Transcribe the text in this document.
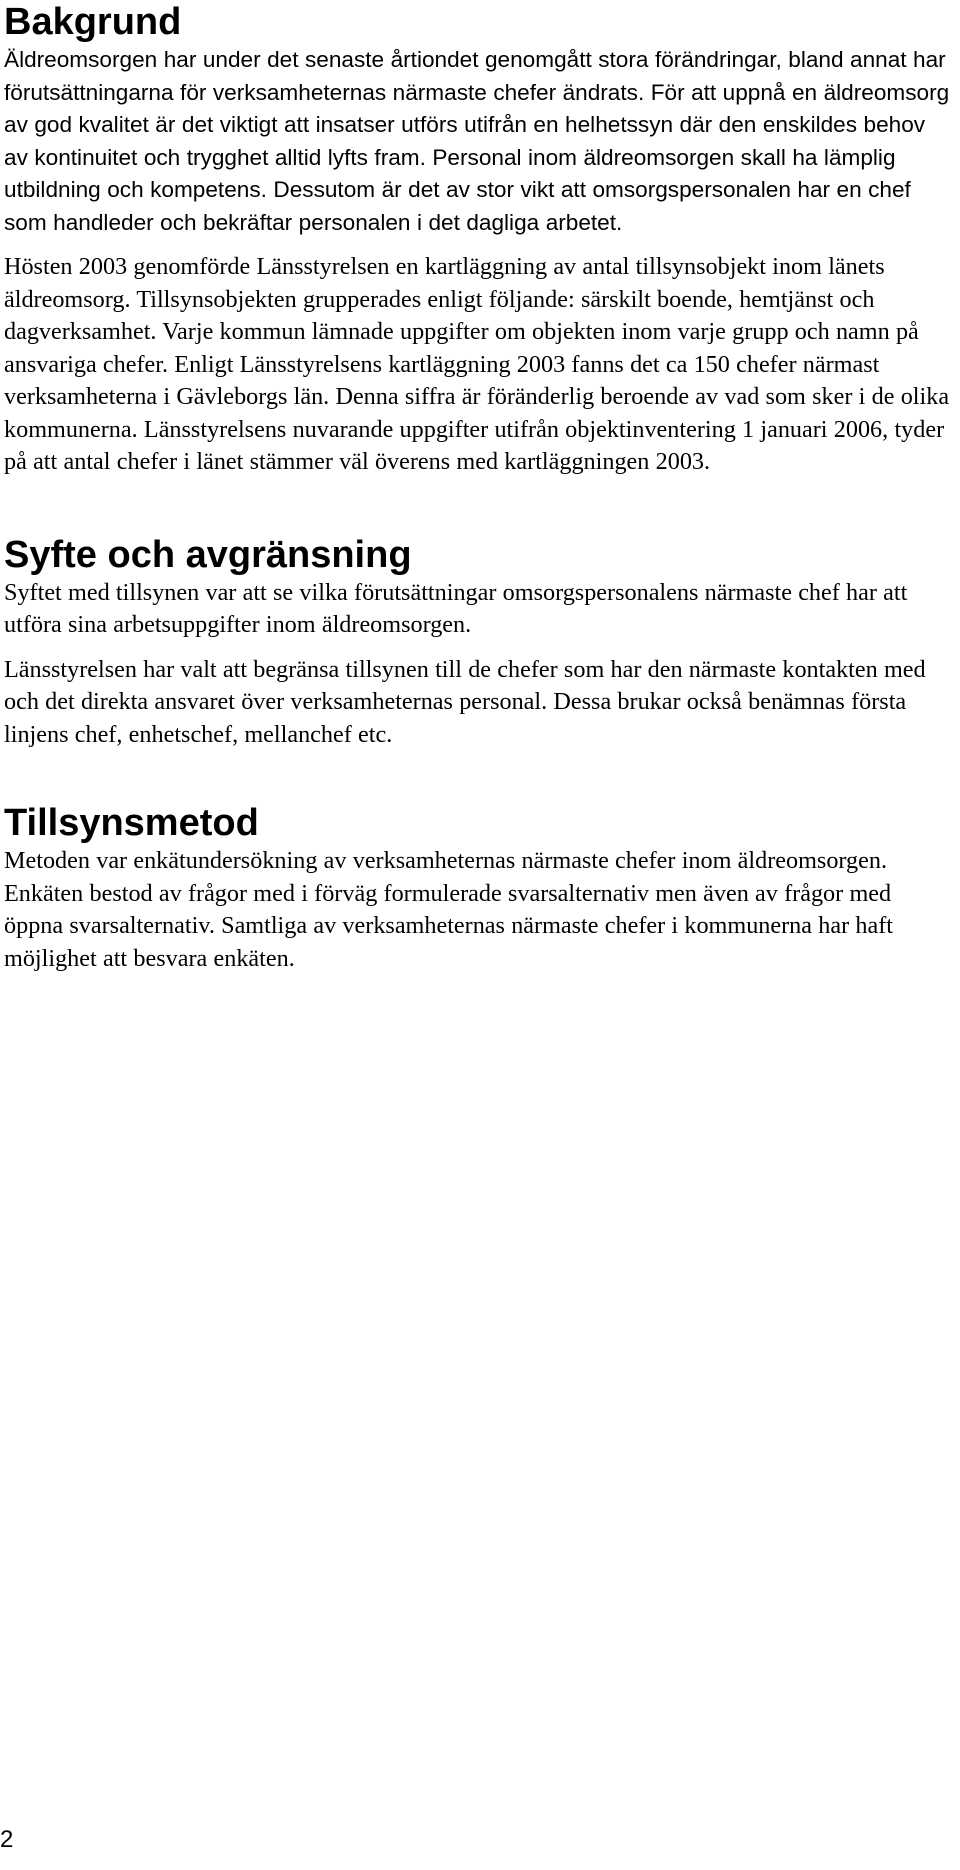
Bakgrund

Äldreomsorgen har under det senaste årtiondet genomgått stora förändringar, bland annat har förutsättningarna för verksamheternas närmaste chefer ändrats. För att uppnå en äldreomsorg av god kvalitet är det viktigt att insatser utförs utifrån en helhetssyn där den enskildes behov av kontinuitet och trygghet alltid lyfts fram. Personal inom äldreomsorgen skall ha lämplig utbildning och kompetens. Dessutom är det av stor vikt att omsorgspersonalen har en chef som handleder och bekräftar personalen i det dagliga arbetet.

Hösten 2003 genomförde Länsstyrelsen en kartläggning av antal tillsynsobjekt inom länets äldreomsorg. Tillsynsobjekten grupperades enligt följande: särskilt boende, hemtjänst och dagverksamhet. Varje kommun lämnade uppgifter om objekten inom varje grupp och namn på ansvariga chefer. Enligt Länsstyrelsens kartläggning 2003 fanns det ca 150 chefer närmast verksamheterna i Gävleborgs län. Denna siffra är föränderlig beroende av vad som sker i de olika kommunerna. Länsstyrelsens nuvarande uppgifter utifrån objektinventering 1 januari 2006, tyder på att antal chefer i länet stämmer väl överens med kartläggningen 2003.

Syfte och avgränsning

Syftet med tillsynen var att se vilka förutsättningar omsorgspersonalens närmaste chef har att utföra sina arbetsuppgifter inom äldreomsorgen.

Länsstyrelsen har valt att begränsa tillsynen till de chefer som har den närmaste kontakten med och det direkta ansvaret över verksamheternas personal. Dessa brukar också benämnas första linjens chef, enhetschef, mellanchef etc.

Tillsynsmetod

Metoden var enkätundersökning av verksamheternas närmaste chefer inom äldreomsorgen. Enkäten bestod av frågor med i förväg formulerade svarsalternativ men även av frågor med öppna svarsalternativ. Samtliga av verksamheternas närmaste chefer i kommunerna har haft möjlighet att besvara enkäten.

2
